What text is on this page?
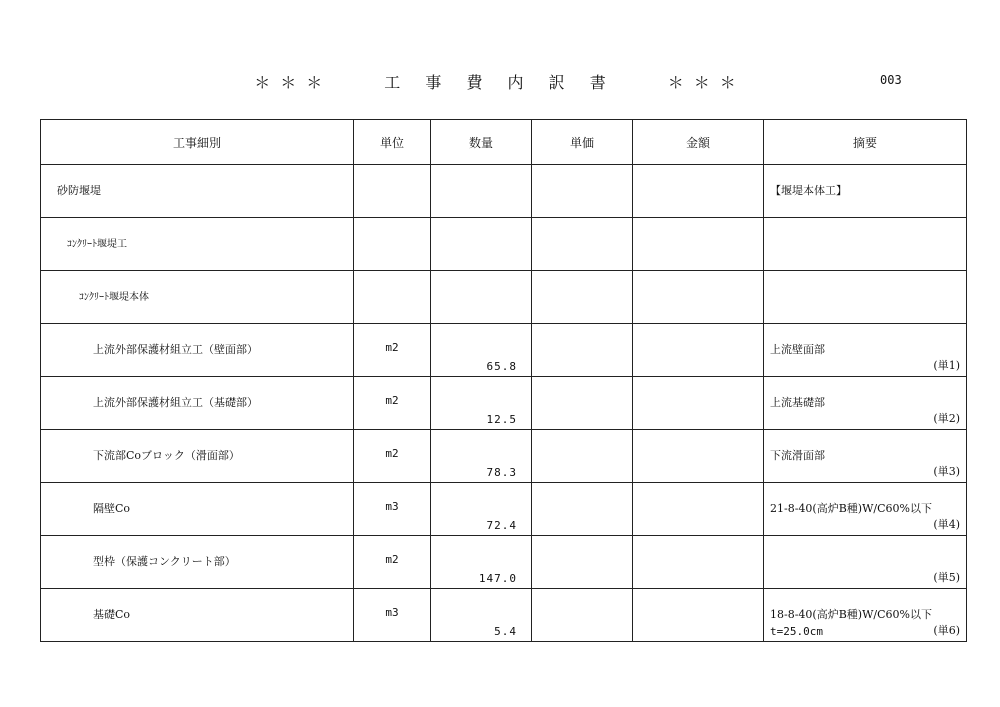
＊＊＊　　工 事 費 内 訳 書　　＊＊＊	003
工事細別	単位	数量	単価	金額	摘要

砂防堰堤					【堰堤本体工】

ｺﾝｸﾘｰﾄ堰堤工					

ｺﾝｸﾘｰﾄ堰堤本体					

上流外部保護材組立工（壁面部）	m2	65.8			上流壁面部
(単1)

上流外部保護材組立工（基礎部）	m2	12.5			上流基礎部
(単2)

下流部Coブロック（滑面部）	m2	78.3			下流滑面部
(単3)

隔壁Co	m3	72.4			21-8-40(高炉B種)W/C60%以下
(単4)

型枠（保護コンクリート部）	m2	147.0			(単5)

基礎Co	m3	5.4			18-8-40(高炉B種)W/C60%以下
t=25.0cm (単6)
